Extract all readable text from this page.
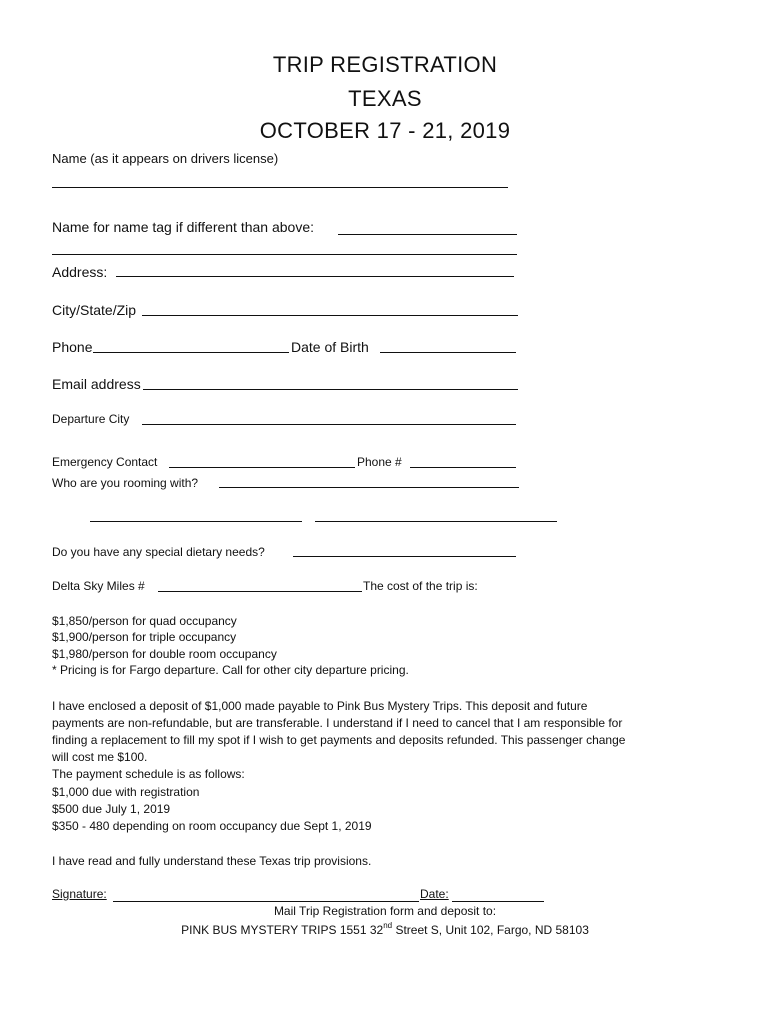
TRIP REGISTRATION
TEXAS
OCTOBER 17 - 21, 2019
Name (as it appears on drivers license)
Name for name tag if different than above:
Address:
City/State/Zip
Phone	Date of Birth
Email address
Departure City
Emergency Contact	Phone #
Who are you rooming with?
Do you have any special dietary needs?
Delta Sky Miles #	The cost of the trip is:
$1,850/person for quad occupancy
$1,900/person for triple occupancy
$1,980/person for double room occupancy
* Pricing is for Fargo departure. Call for other city departure pricing.
I have enclosed a deposit of $1,000 made payable to Pink Bus Mystery Trips. This deposit and future
payments are non-refundable, but are transferable. I understand if I need to cancel that I am responsible for
finding a replacement to fill my spot if I wish to get payments and deposits refunded. This passenger change
will cost me $100.
The payment schedule is as follows:
$1,000 due with registration
$500 due July 1, 2019
$350 - 480 depending on room occupancy due Sept 1, 2019
I have read and fully understand these Texas trip provisions.
Signature:	Date:
Mail Trip Registration form and deposit to:
PINK BUS MYSTERY TRIPS 1551 32nd Street S, Unit 102, Fargo, ND 58103
